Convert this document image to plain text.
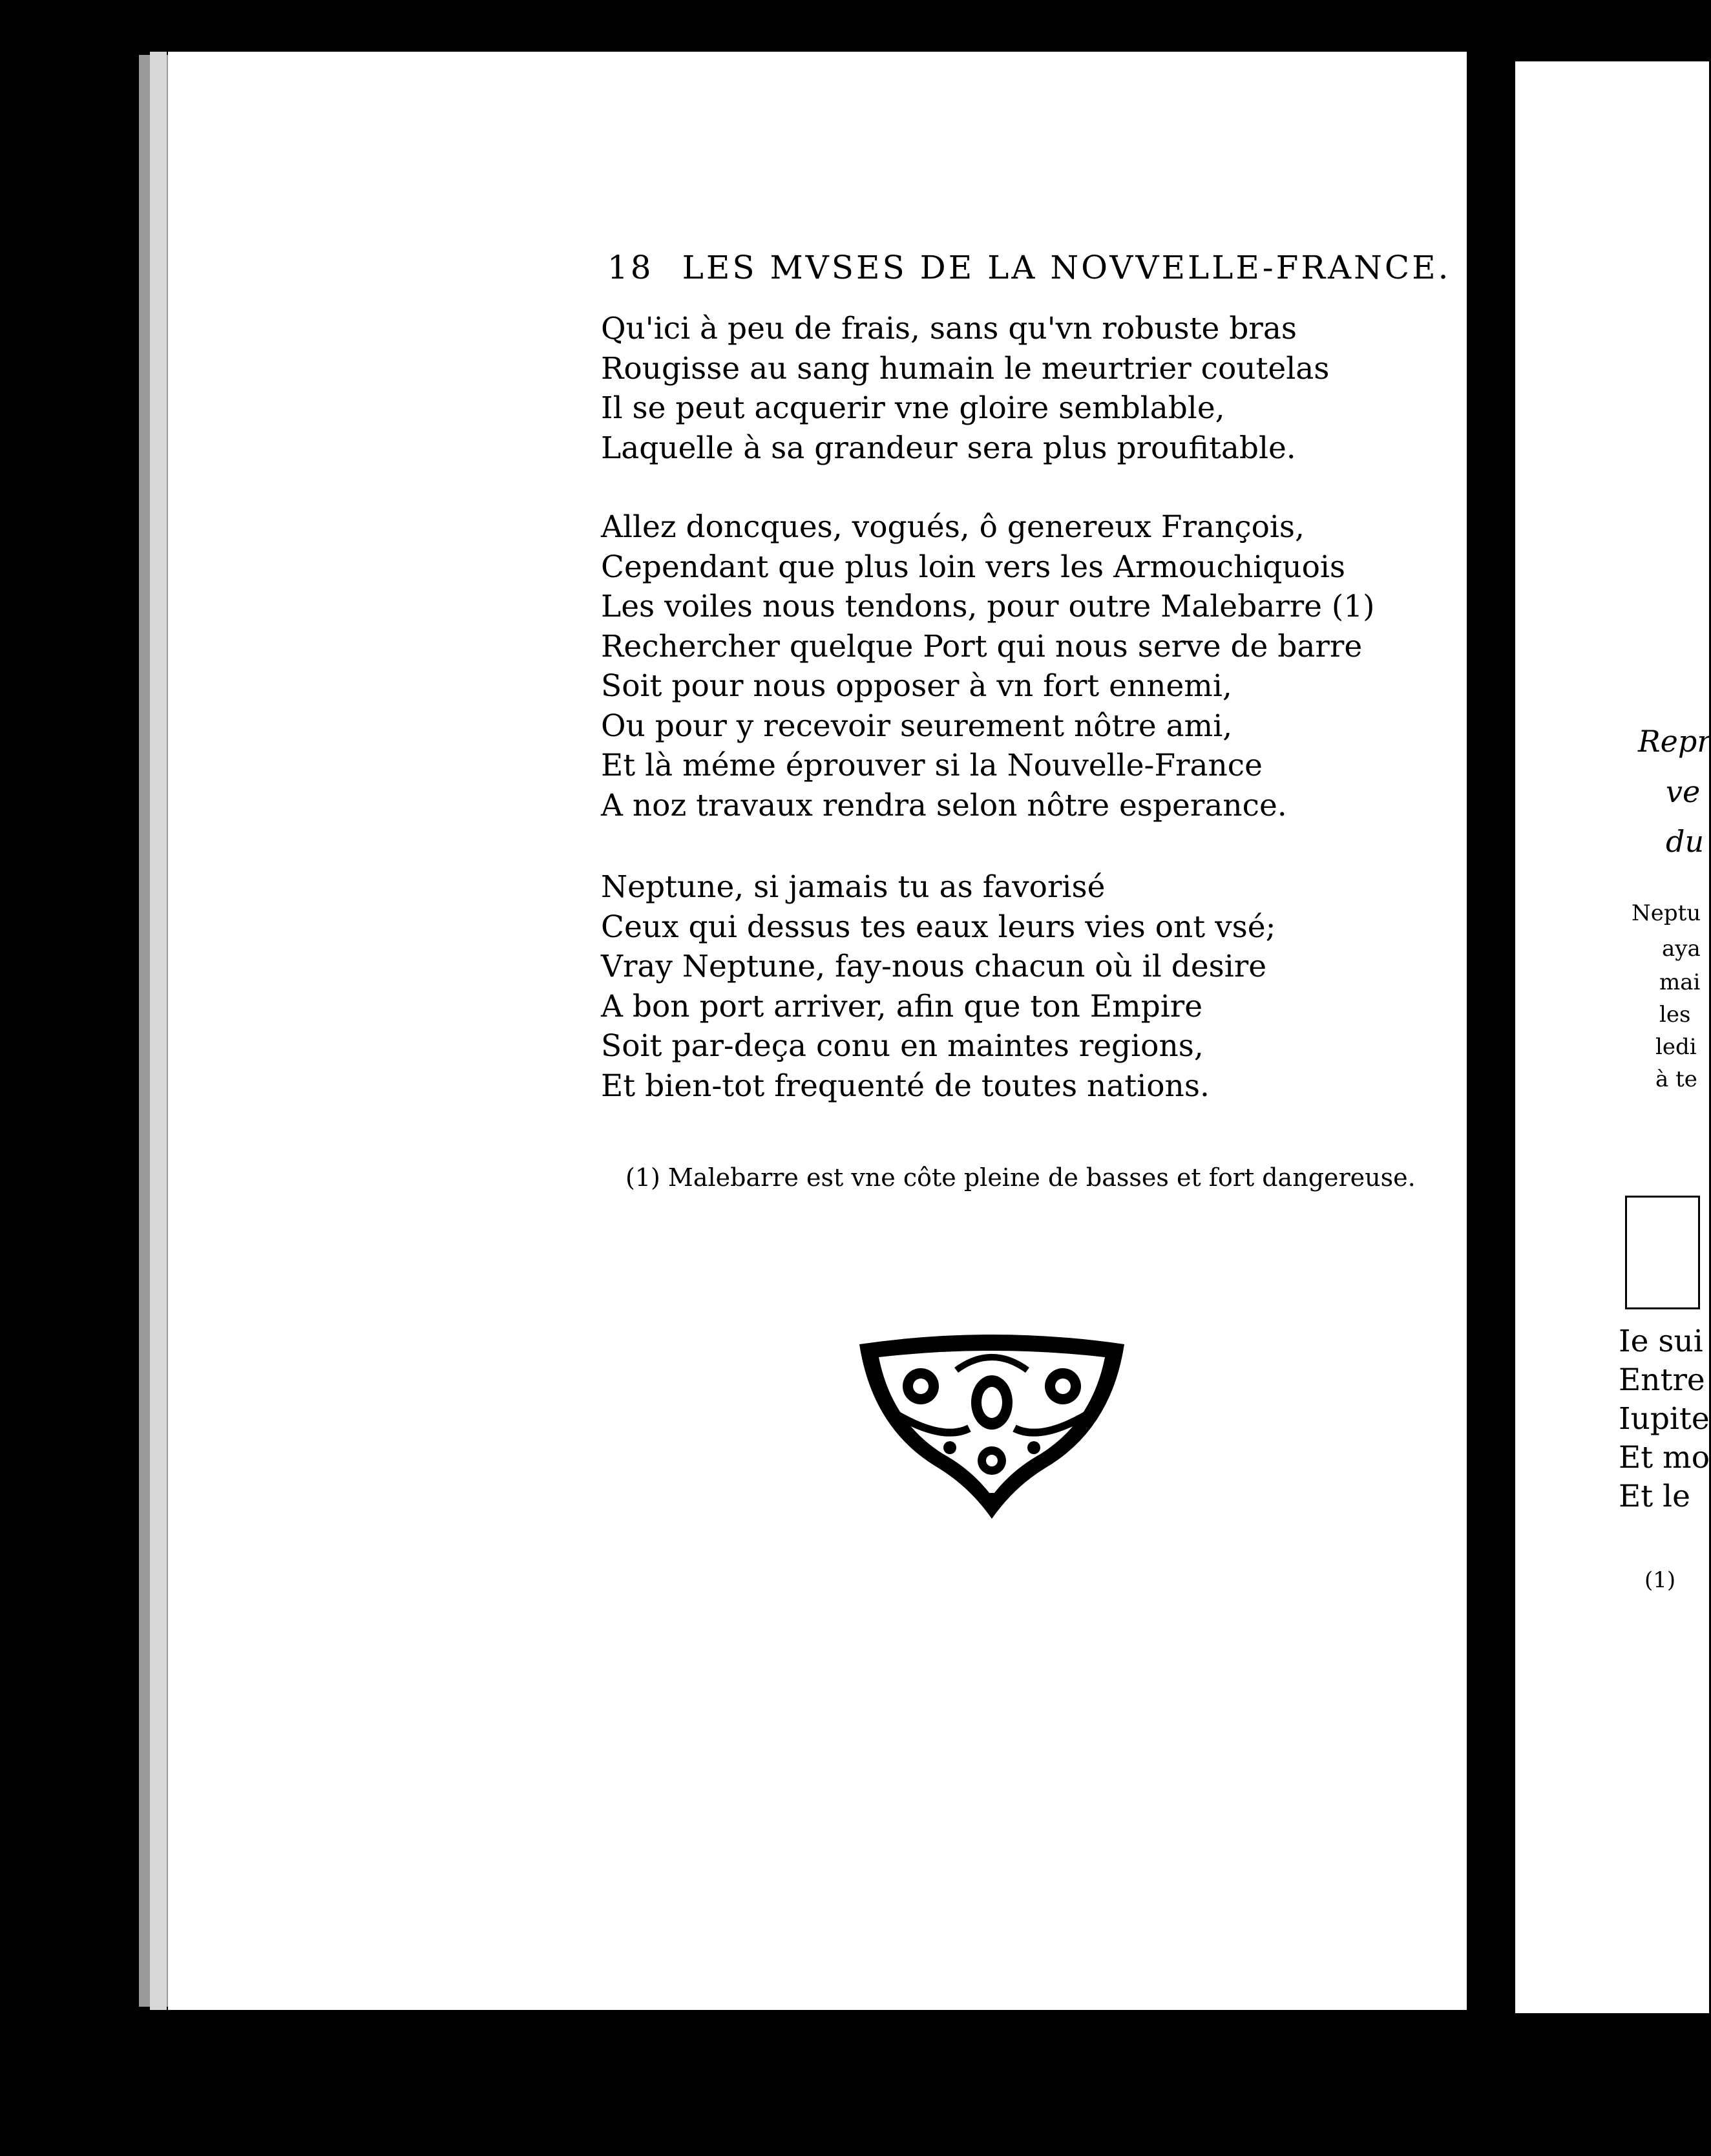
18 LES MVSES DE LA NOVVELLE-FRANCE.
Qu'ici à peu de frais, sans qu'vn robuste bras
Rougisse au sang humain le meurtrier coutelas
Il se peut acquerir vne gloire semblable,
Laquelle à sa grandeur sera plus proufitable.
Allez doncques, vogués, ô genereux François,
Cependant que plus loin vers les Armouchiquois
Les voiles nous tendons, pour outre Malebarre (1)
Rechercher quelque Port qui nous serve de barre
Soit pour nous opposer à vn fort ennemi,
Ou pour y recevoir seurement nôtre ami,
Et là méme éprouver si la Nouvelle-France
A noz travaux rendra selon nôtre esperance.
Neptune, si jamais tu as favorisé
Ceux qui dessus tes eaux leurs vies ont vsé;
Vray Neptune, fay-nous chacun où il desire
A bon port arriver, afin que ton Empire
Soit par-deça conu en maintes regions,
Et bien-tot frequenté de toutes nations.
(1) Malebarre est vne côte pleine de basses et fort dangereuse.
Repr
ve
du
Neptu
aya
mai
les
ledi
à te
Ie sui
Entre
Iupite
Et mo
Et le
(1)
